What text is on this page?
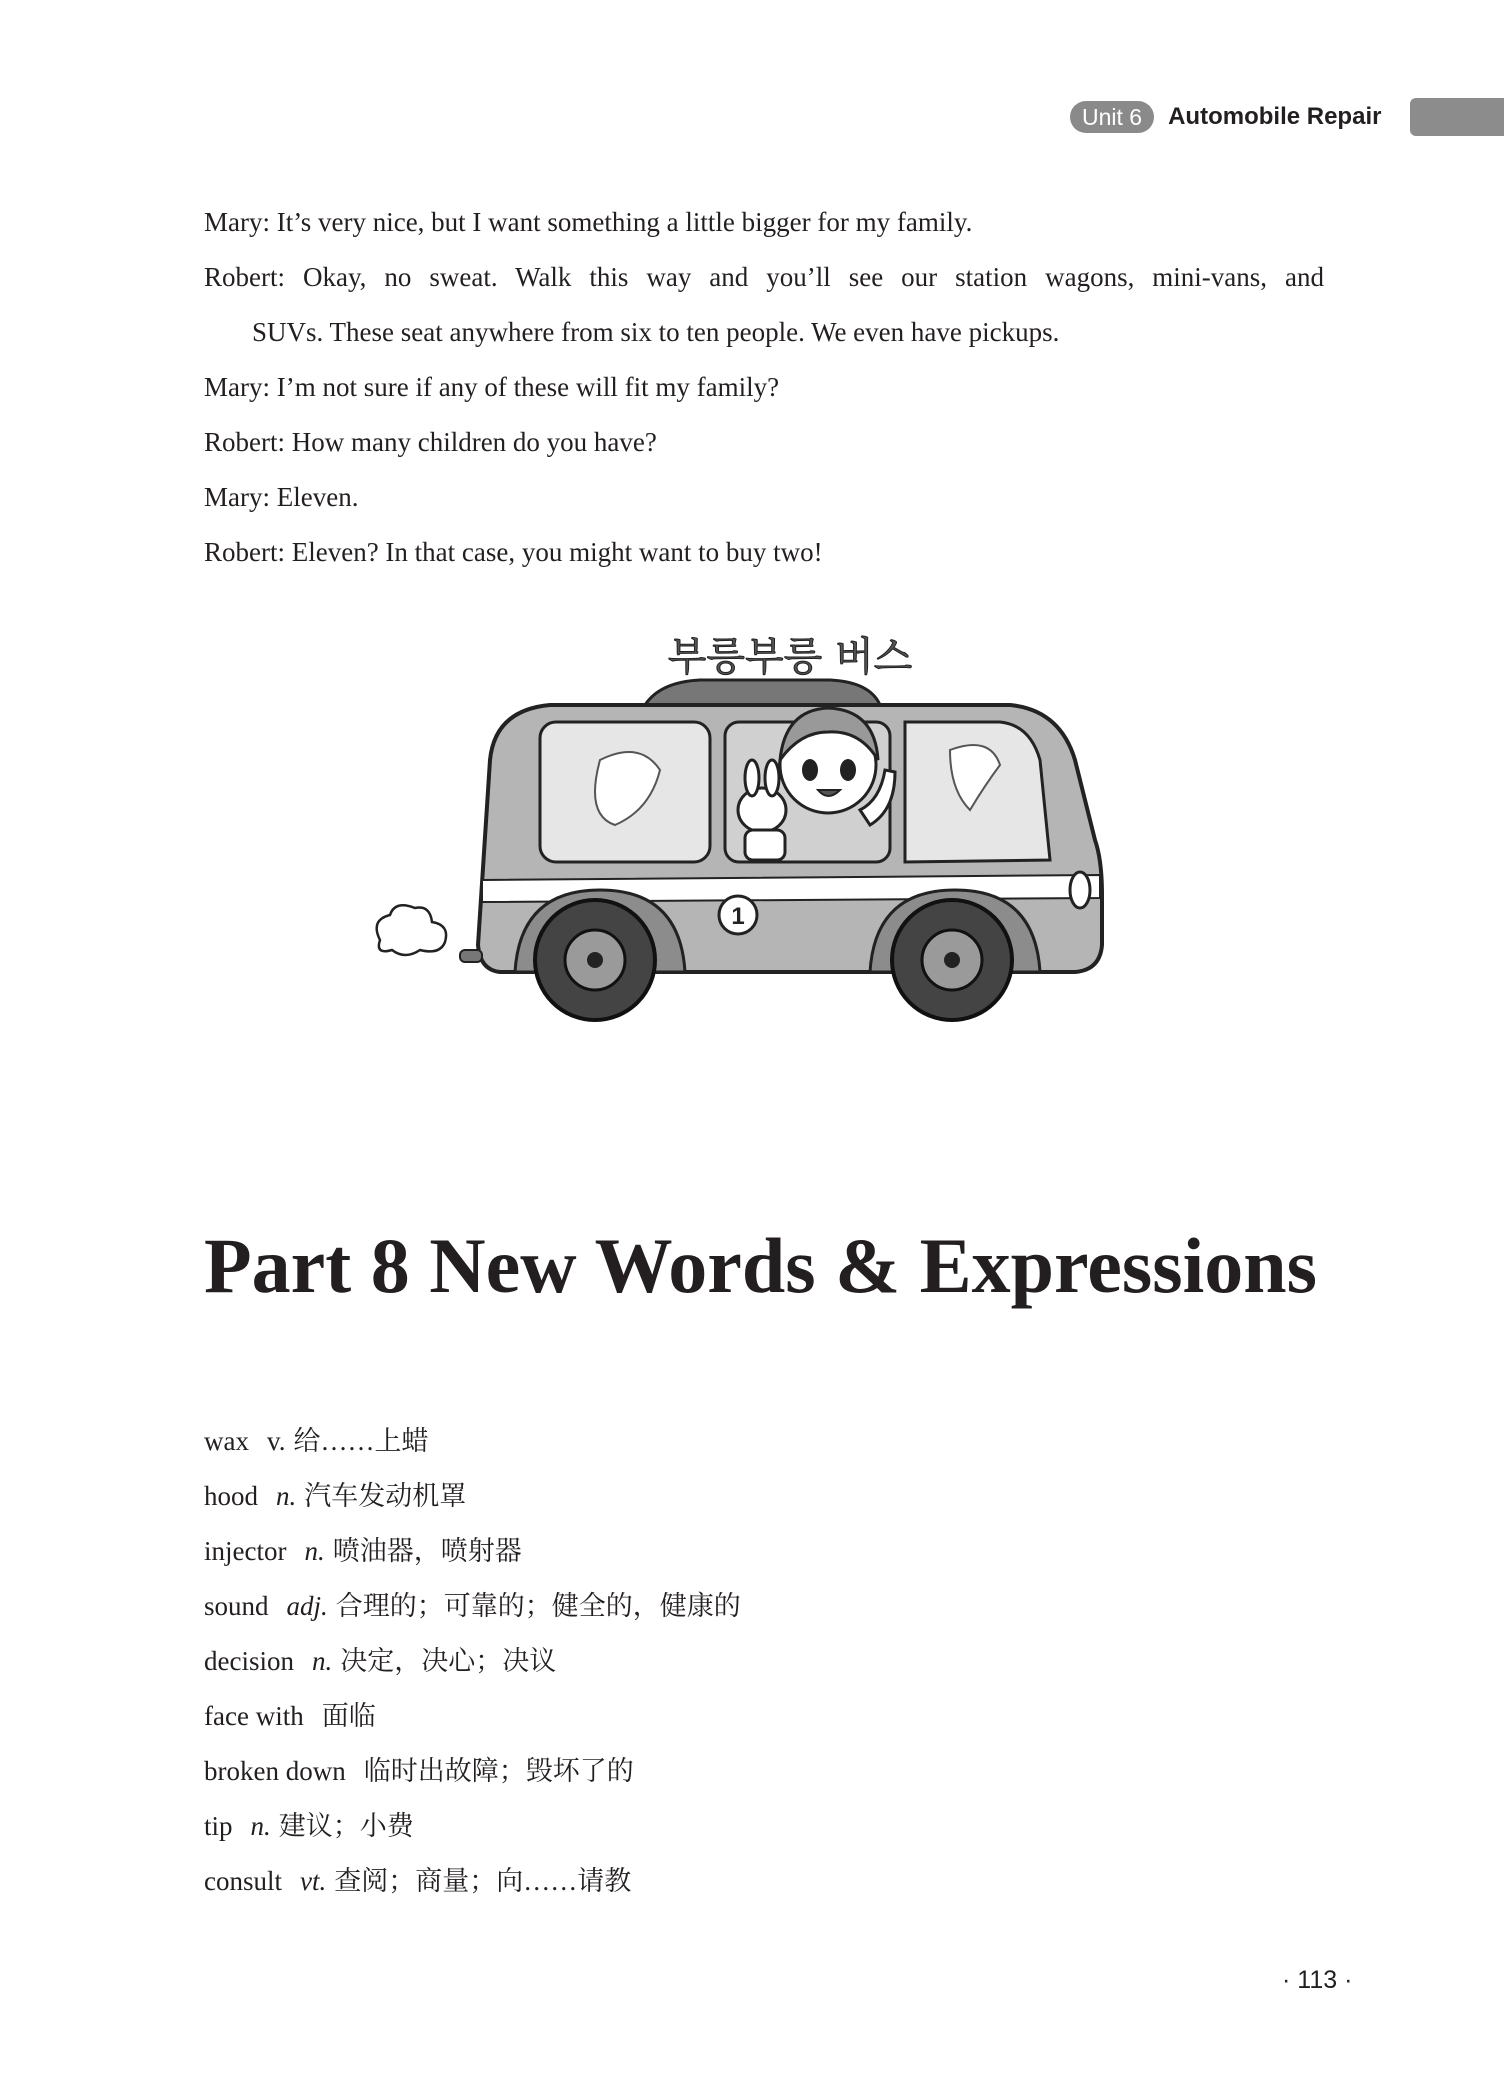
Unit 6	Automobile Repair

Mary: It’s very nice, but I want something a little bigger for my family.

Robert: Okay, no sweat. Walk this way and you’ll see our station wagons, mini-vans, and

SUVs. These seat anywhere from six to ten people. We even have pickups.

Mary: I’m not sure if any of these will fit my family?

Robert: How many children do you have?

Mary: Eleven.

Robert: Eleven? In that case, you might want to buy two!

부릉부릉 버스
1
Part 8 New Words & Expressions
wax v. 给……上蜡
hood n. 汽车发动机罩
injector n. 喷油器，喷射器
sound adj. 合理的；可靠的；健全的，健康的
decision n. 决定，决心；决议
face with 面临
broken down 临时出故障；毁坏了的
tip n. 建议；小费
consult vt. 查阅；商量；向……请教
· 113 ·
